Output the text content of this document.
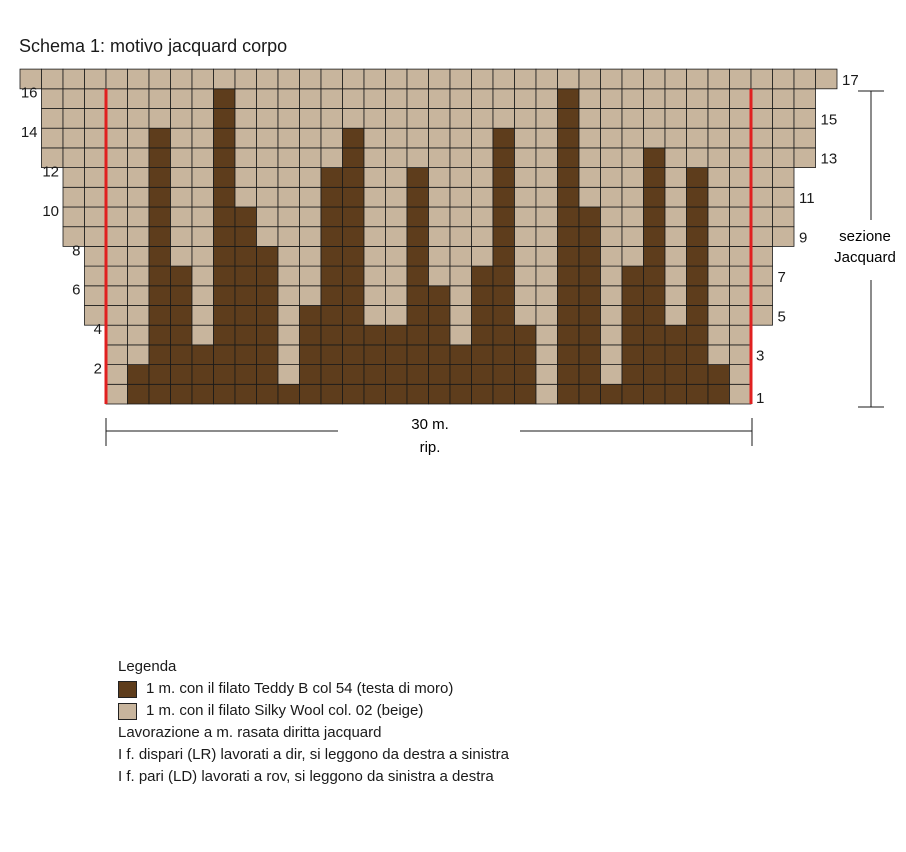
Schema 1: motivo jacquard corpo
2
4
6
8
10
12
14
16
1
3
5
7
9
11
13
15
17
sezione
Jacquard
30 m.
rip.
Legenda
1 m. con il filato Teddy B col 54 (testa di moro)
1 m. con il filato Silky Wool col. 02 (beige)
Lavorazione a m. rasata diritta jacquard
I f. dispari (LR) lavorati a dir, si leggono da destra a sinistra
I f. pari (LD) lavorati a rov, si leggono da sinistra a destra
